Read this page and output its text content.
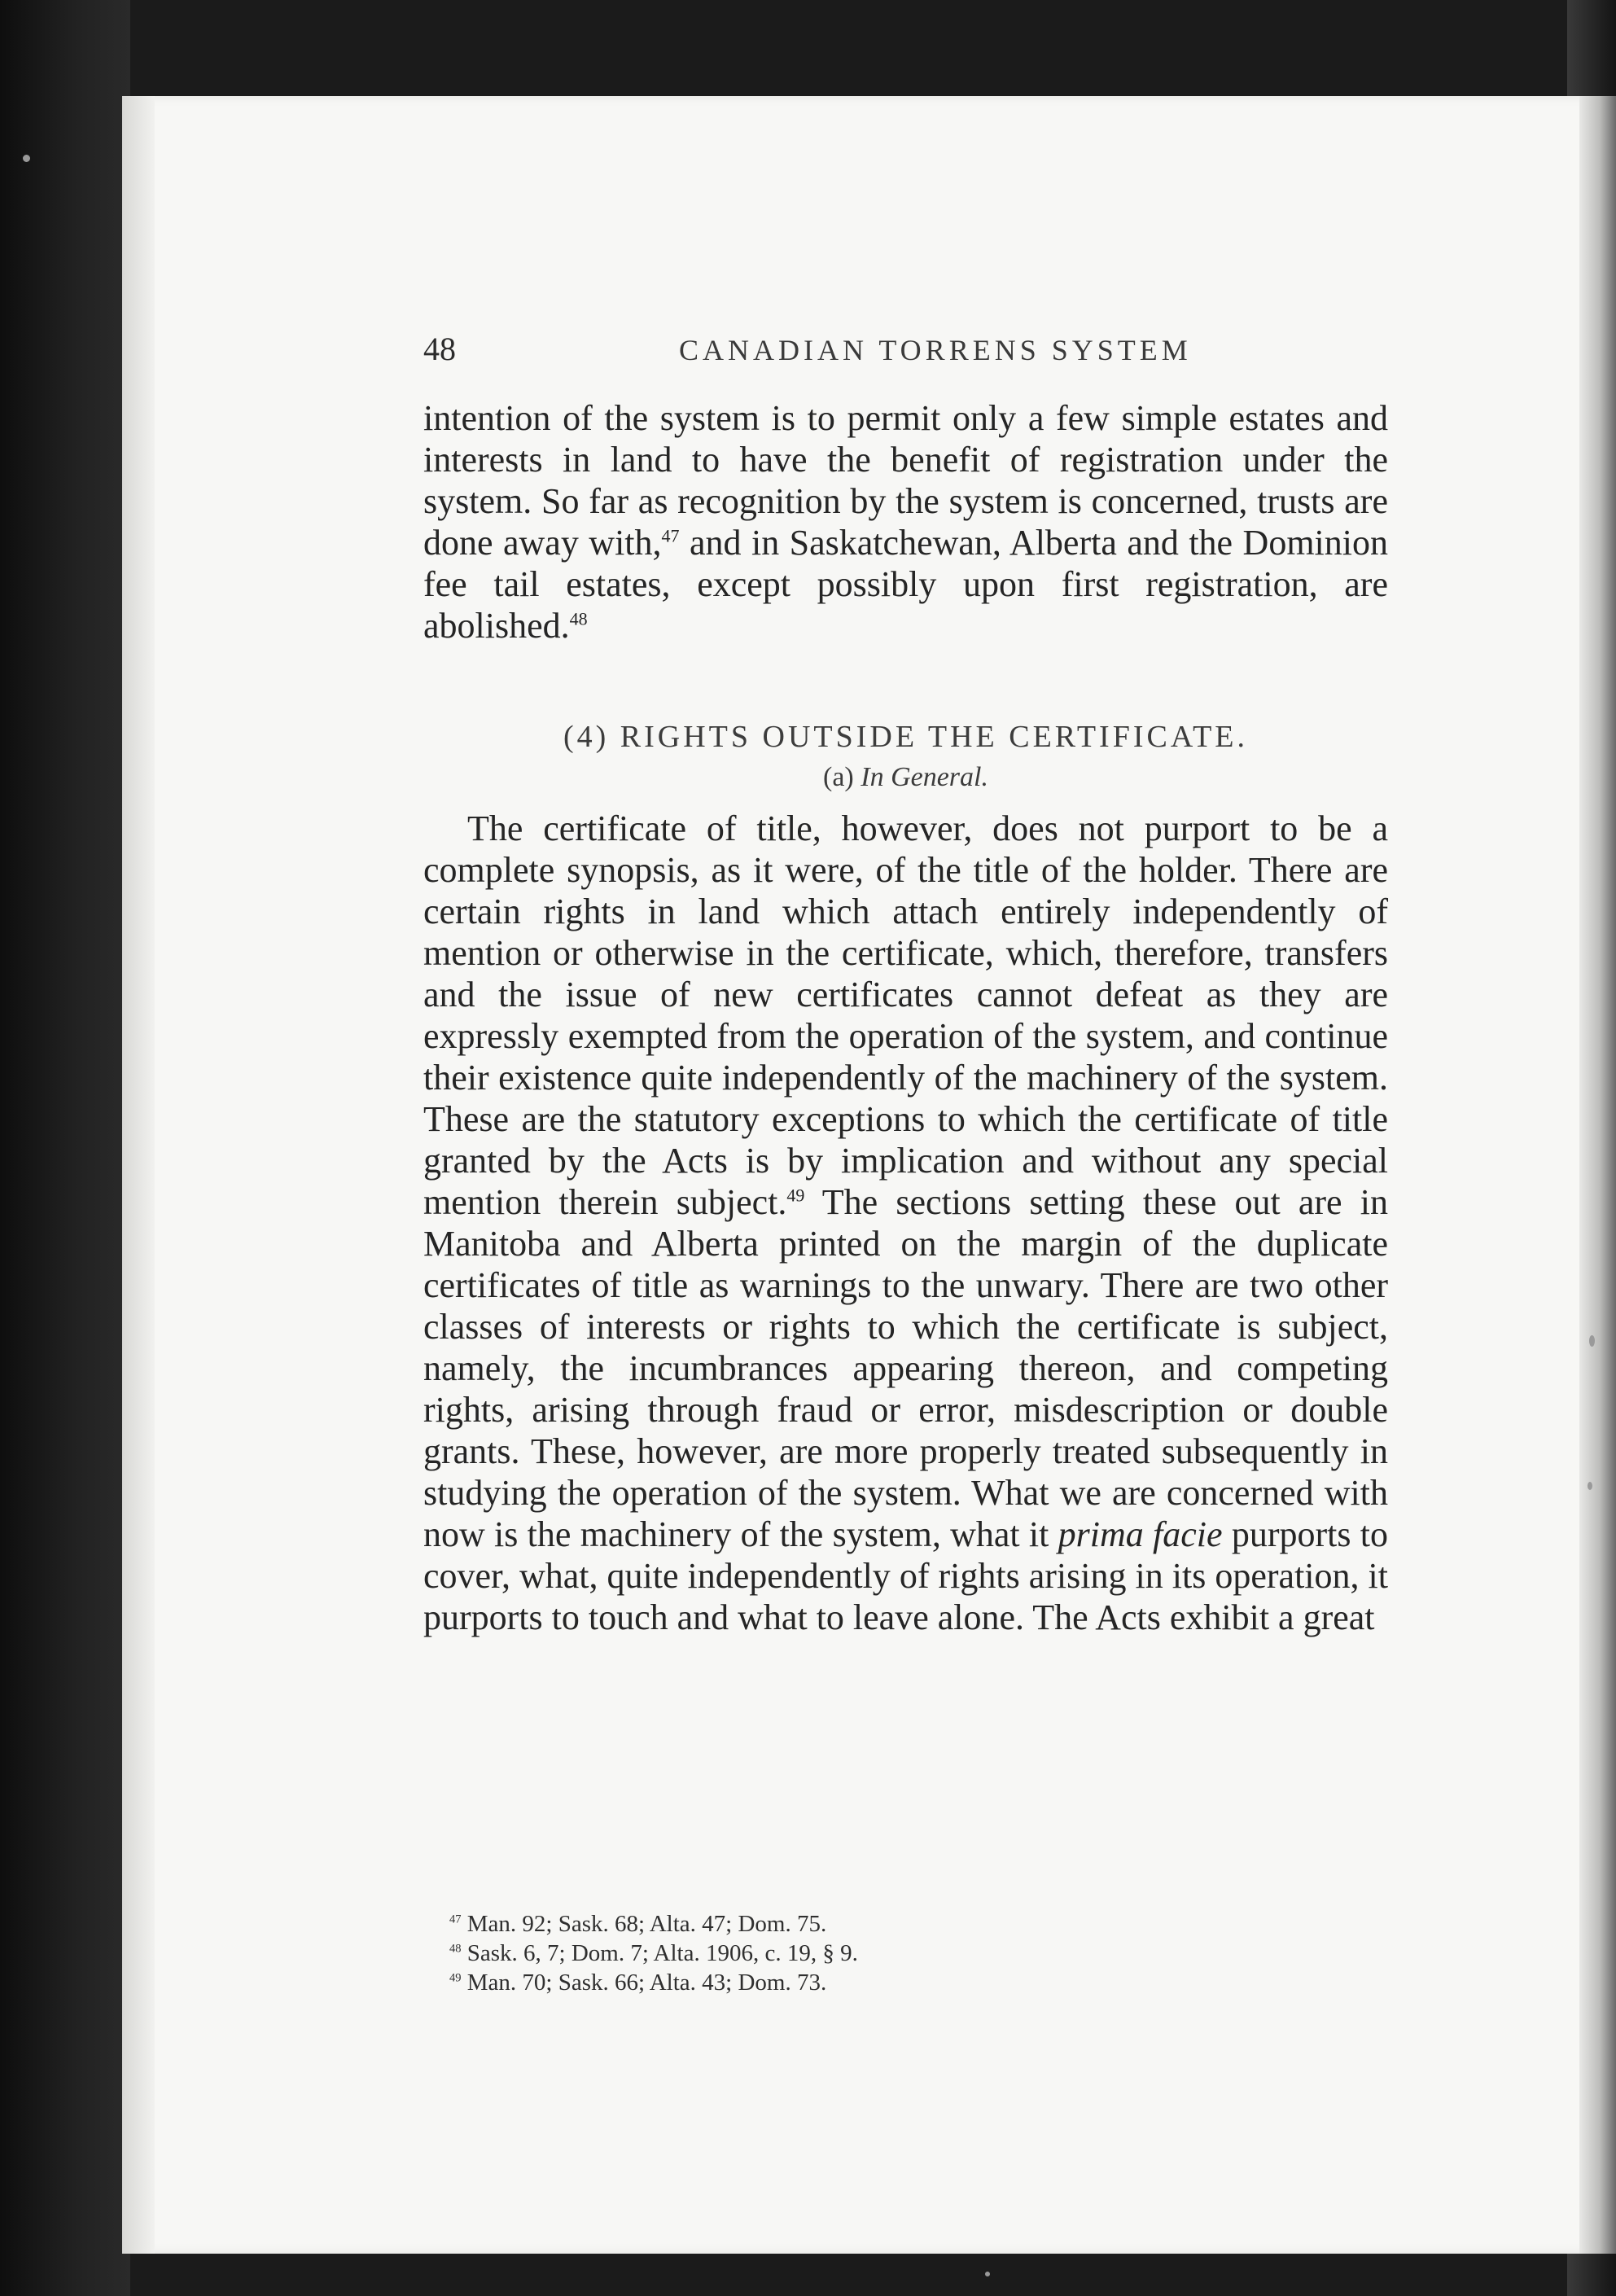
48	CANADIAN TORRENS SYSTEM

intention of the system is to permit only a few simple estates and interests in land to have the benefit of registration under the system. So far as recognition by the system is concerned, trusts are done away with,$^{47}$ and in Saskatchewan, Alberta and the Dominion fee tail estates, except possibly upon first registration, are abolished.$^{48}$

(4) RIGHTS OUTSIDE THE CERTIFICATE.

(a) In General.

The certificate of title, however, does not purport to be a complete synopsis, as it were, of the title of the holder. There are certain rights in land which attach entirely independently of mention or otherwise in the certificate, which, therefore, transfers and the issue of new certificates cannot defeat as they are expressly exempted from the operation of the system, and continue their existence quite independently of the machinery of the system. These are the statutory exceptions to which the certificate of title granted by the Acts is by implication and without any special mention therein subject.$^{49}$ The sections setting these out are in Manitoba and Alberta printed on the margin of the duplicate certificates of title as warnings to the unwary. There are two other classes of interests or rights to which the certificate is subject, namely, the incumbrances appearing thereon, and competing rights, arising through fraud or error, misdescription or double grants. These, however, are more properly treated subsequently in studying the operation of the system. What we are concerned with now is the machinery of the system, what it prima facie purports to cover, what, quite independently of rights arising in its operation, it purports to touch and what to leave alone. The Acts exhibit a great

$^{47}$ Man. 92; Sask. 68; Alta. 47; Dom. 75.

$^{48}$ Sask. 6, 7; Dom. 7; Alta. 1906, c. 19, § 9.

$^{49}$ Man. 70; Sask. 66; Alta. 43; Dom. 73.
